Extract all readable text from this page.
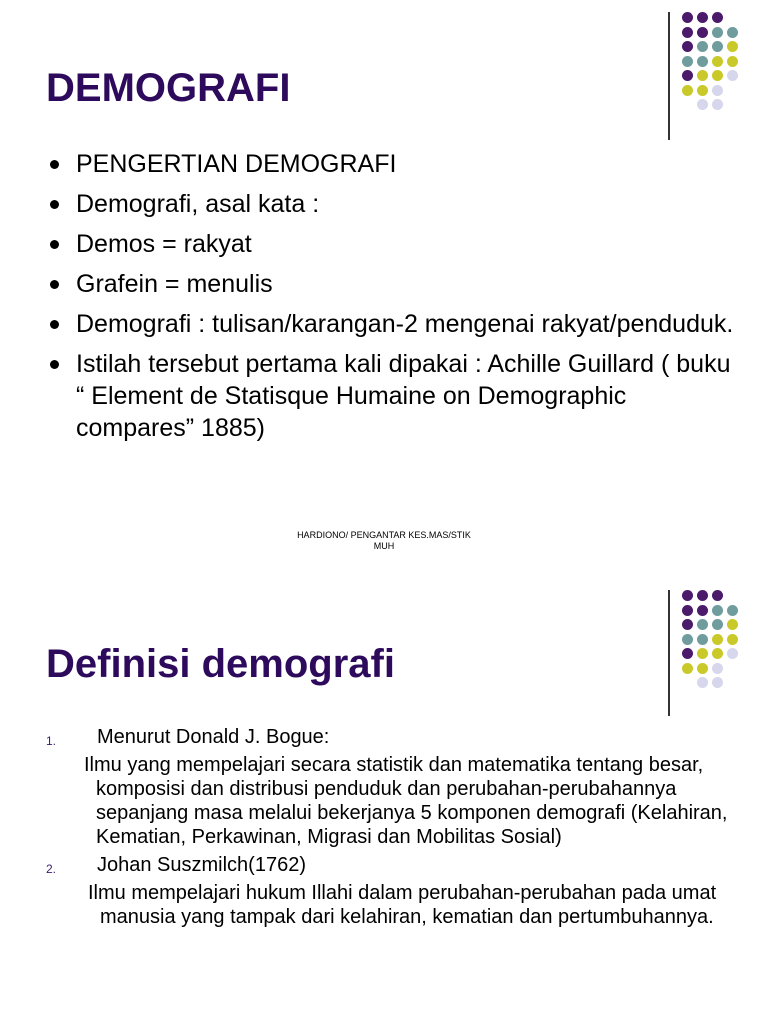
DEMOGRAFI
PENGERTIAN DEMOGRAFI
Demografi, asal kata :
Demos = rakyat
Grafein = menulis
Demografi : tulisan/karangan-2 mengenai rakyat/penduduk.
Istilah tersebut pertama kali dipakai : Achille Guillard ( buku “ Element de Statisque Humaine on Demographic compares” 1885)
HARDIONO/ PENGANTAR KES.MAS/STIK
MUH
Definisi demografi
1. Menurut Donald J. Bogue:
Ilmu yang mempelajari secara statistik dan matematika tentang besar, komposisi dan distribusi penduduk dan perubahan-perubahannya sepanjang masa melalui bekerjanya 5 komponen demografi (Kelahiran, Kematian, Perkawinan, Migrasi dan Mobilitas Sosial)
2. Johan Suszmilch(1762)
Ilmu mempelajari hukum Illahi dalam perubahan-perubahan pada umat manusia yang tampak dari kelahiran, kematian dan pertumbuhannya.
